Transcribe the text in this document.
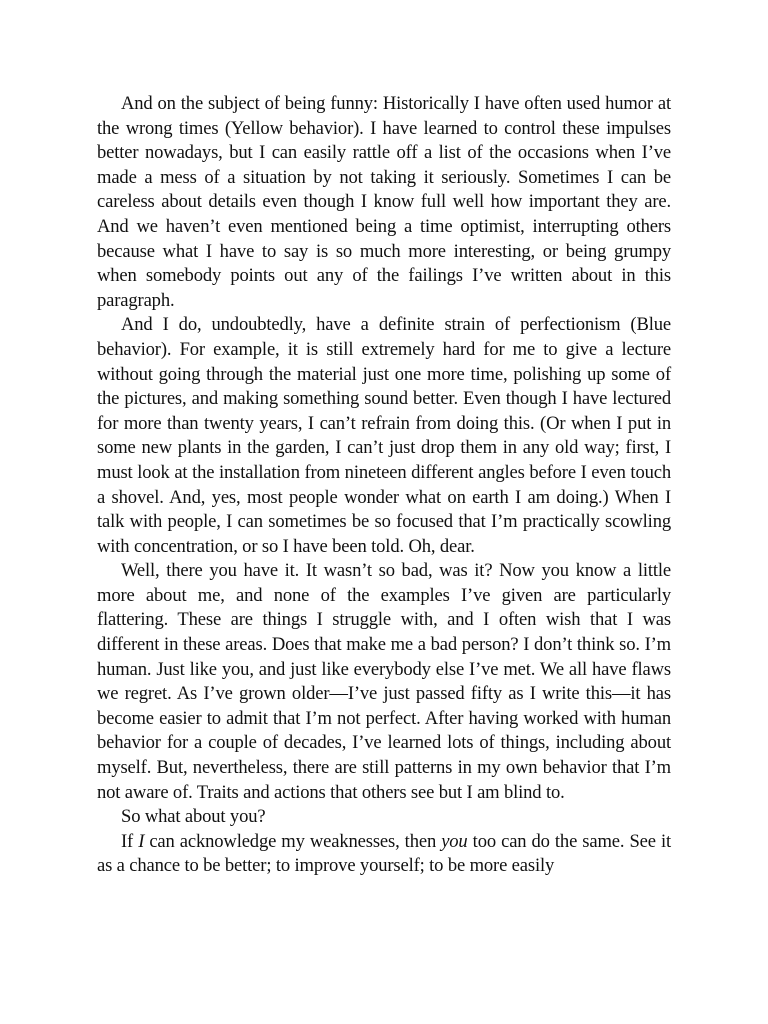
And on the subject of being funny: Historically I have often used humor at the wrong times (Yellow behavior). I have learned to control these impulses better nowadays, but I can easily rattle off a list of the occasions when I’ve made a mess of a situation by not taking it seriously. Sometimes I can be careless about details even though I know full well how important they are. And we haven’t even mentioned being a time optimist, interrupting others because what I have to say is so much more interesting, or being grumpy when somebody points out any of the failings I’ve written about in this paragraph.

And I do, undoubtedly, have a definite strain of perfectionism (Blue behavior). For example, it is still extremely hard for me to give a lecture without going through the material just one more time, polishing up some of the pictures, and making something sound better. Even though I have lectured for more than twenty years, I can’t refrain from doing this. (Or when I put in some new plants in the garden, I can’t just drop them in any old way; first, I must look at the installation from nineteen different angles before I even touch a shovel. And, yes, most people wonder what on earth I am doing.) When I talk with people, I can sometimes be so focused that I’m practically scowling with concentration, or so I have been told. Oh, dear.

Well, there you have it. It wasn’t so bad, was it? Now you know a little more about me, and none of the examples I’ve given are particularly flattering. These are things I struggle with, and I often wish that I was different in these areas. Does that make me a bad person? I don’t think so. I’m human. Just like you, and just like everybody else I’ve met. We all have flaws we regret. As I’ve grown older—I’ve just passed fifty as I write this—it has become easier to admit that I’m not perfect. After having worked with human behavior for a couple of decades, I’ve learned lots of things, including about myself. But, nevertheless, there are still patterns in my own behavior that I’m not aware of. Traits and actions that others see but I am blind to.

So what about you?

If I can acknowledge my weaknesses, then you too can do the same. See it as a chance to be better; to improve yourself; to be more easily
